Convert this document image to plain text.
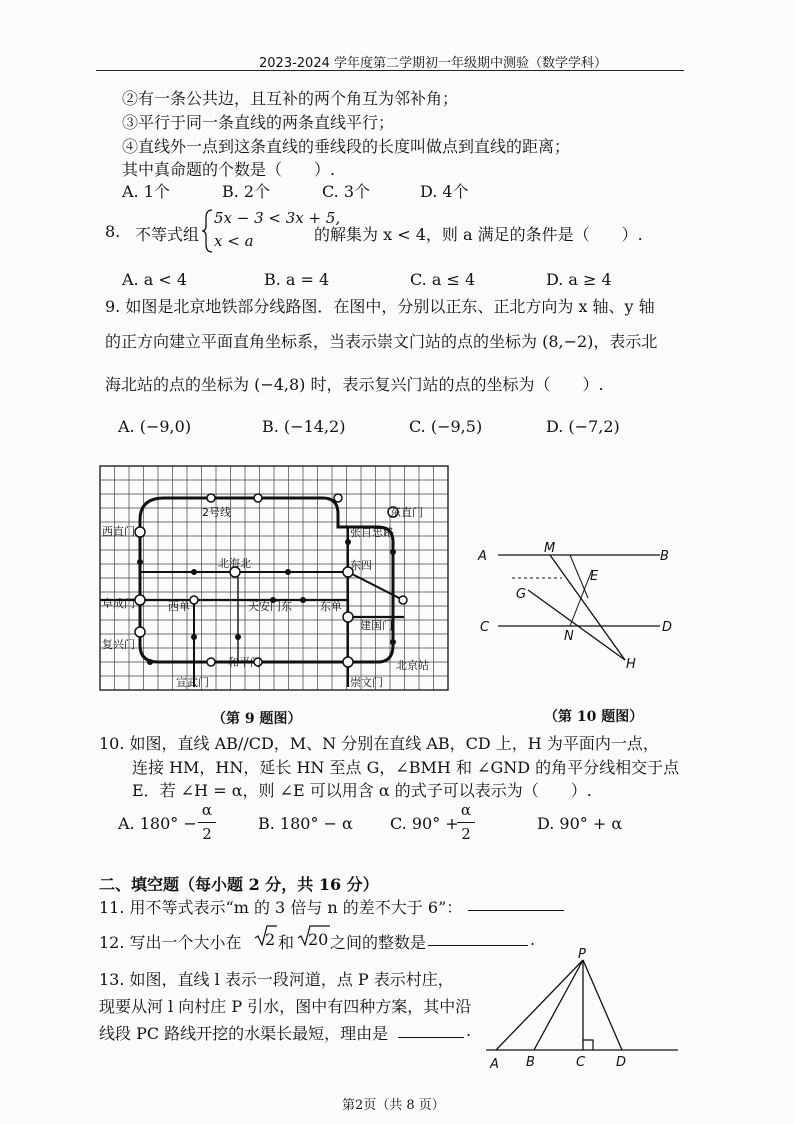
2023-2024 学年度第二学期初一年级期中测验（数学学科）
②有一条公共边，且互补的两个角互为邻补角；
③平行于同一条直线的两条直线平行；
④直线外一点到这条直线的垂线段的长度叫做点到直线的距离；
其中真命题的个数是（　　）.
A. 1个	B. 2个	C. 3个	D. 4个
8. 不等式组
5x − 3 < 3x + 5,
x < a	的解集为 x < 4，则 a 满足的条件是（　　）.
A. a < 4	B. a = 4	C. a ≤ 4	D. a ≥ 4
9. 如图是北京地铁部分线路图．在图中，分别以正东、正北方向为 x 轴、y 轴
的正方向建立平面直角坐标系，当表示崇文门站的点的坐标为 (8,−2)，表示北
海北站的点的坐标为 (−4,8) 时，表示复兴门站的点的坐标为（　　）.
A. (−9,0)	B. (−14,2)	C. (−9,5)	D. (−7,2)
2号线
西直门
东直门
张自忠路
北海北	东四
阜成门	西单	天安门东	东单
建国门
复兴门
和平门	北京站
宣武门	崇文门
（第 9 题图）
A	B
C	D
M
N
E
G
H
（第 10 题图）
10. 如图，直线 AB//CD，M、N 分别在直线 AB，CD 上，H 为平面内一点，
连接 HM，HN，延长 HN 至点 G，∠BMH 和 ∠GND 的角平分线相交于点
E．若 ∠H = α，则 ∠E 可以用含 α 的式子可以表示为（　　）.
A. 180° −
α
2
B. 180° − α C. 90° +
α
2
D. 90° + α
二、填空题（每小题 2 分，共 16 分）
11. 用不等式表示“m 的 3 倍与 n 的差不大于 6”：
12. 写出一个大小在 2 和 20 之间的整数是	.
13. 如图，直线 l 表示一段河道，点 P 表示村庄，
现要从河 l 向村庄 P 引水，图中有四种方案，其中沿
线段 PC 路线开挖的水渠长最短，理由是	.
P
A B	C D
第2页（共 8 页）
